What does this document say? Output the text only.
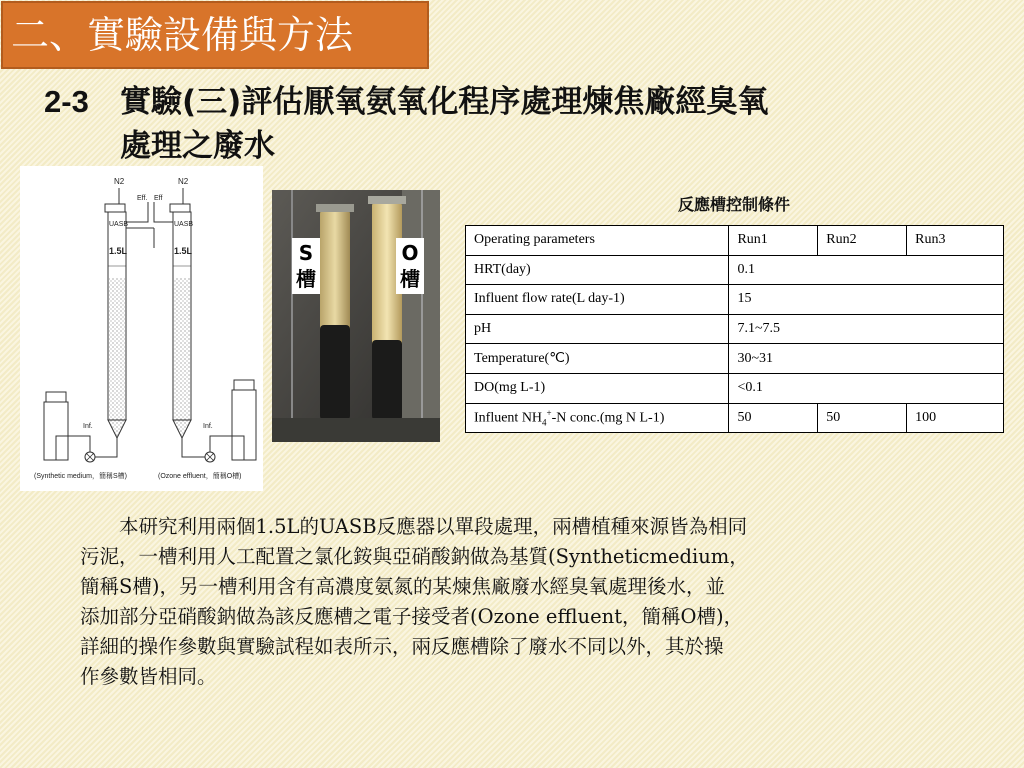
二、實驗設備與方法
2-3 實驗(三)評估厭氧氨氧化程序處理煉焦廠經臭氧
處理之廢水
N2
UASB
1.5L
Eff.
Inf.
(Synthetic medium，簡稱S槽)
N2
UASB
1.5L
Eff
Inf.
(Ozone effluent，簡稱O槽)
S
槽
O
槽
反應槽控制條件
Operating parameters	Run1	Run2	Run3
HRT(day)	0.1		
Influent flow rate(L day-1)	15		
pH	7.1~7.5		
Temperature(℃)	30~31		
DO(mg L-1)	<0.1		
Influent $NH_4^+-N$ conc.(mg N L-1)	50	50	100

　　本研究利用兩個1.5L的UASB反應器以單段處理，兩槽植種來源皆為相同

污泥，一槽利用人工配置之氯化銨與亞硝酸鈉做為基質(Syntheticmedium，

簡稱S槽)，另一槽利用含有高濃度氨氮的某煉焦廠廢水經臭氧處理後水，並

添加部分亞硝酸鈉做為該反應槽之電子接受者(Ozone effluent，簡稱O槽)，

詳細的操作參數與實驗試程如表所示，兩反應槽除了廢水不同以外，其於操

作參數皆相同。
